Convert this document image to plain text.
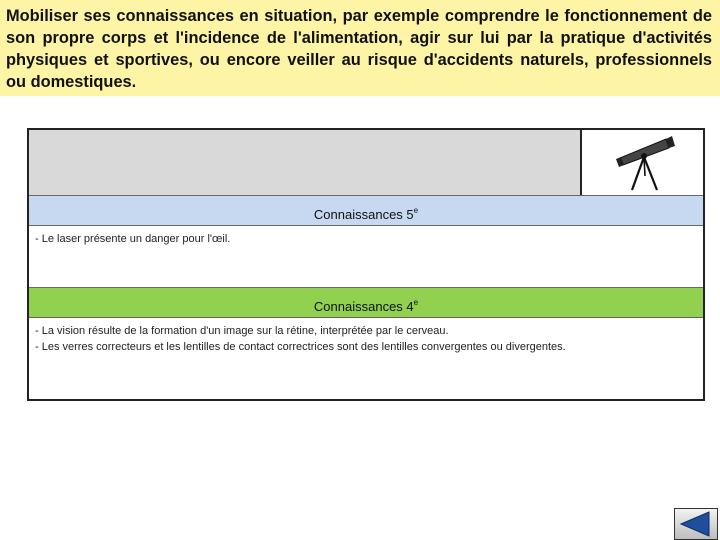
Mobiliser ses connaissances en situation, par exemple comprendre le fonctionnement de son propre corps et l'incidence de l'alimentation, agir sur lui par la pratique d'activités physiques et sportives, ou encore veiller au risque d'accidents naturels, professionnels ou domestiques.

Connaissances 5e
- Le laser présente un danger pour l'œil.
Connaissances 4e
- La vision résulte de la formation d'un image sur la rétine, interprétée par le cerveau.
- Les verres correcteurs et les lentilles de contact correctrices sont des lentilles convergentes ou divergentes.
